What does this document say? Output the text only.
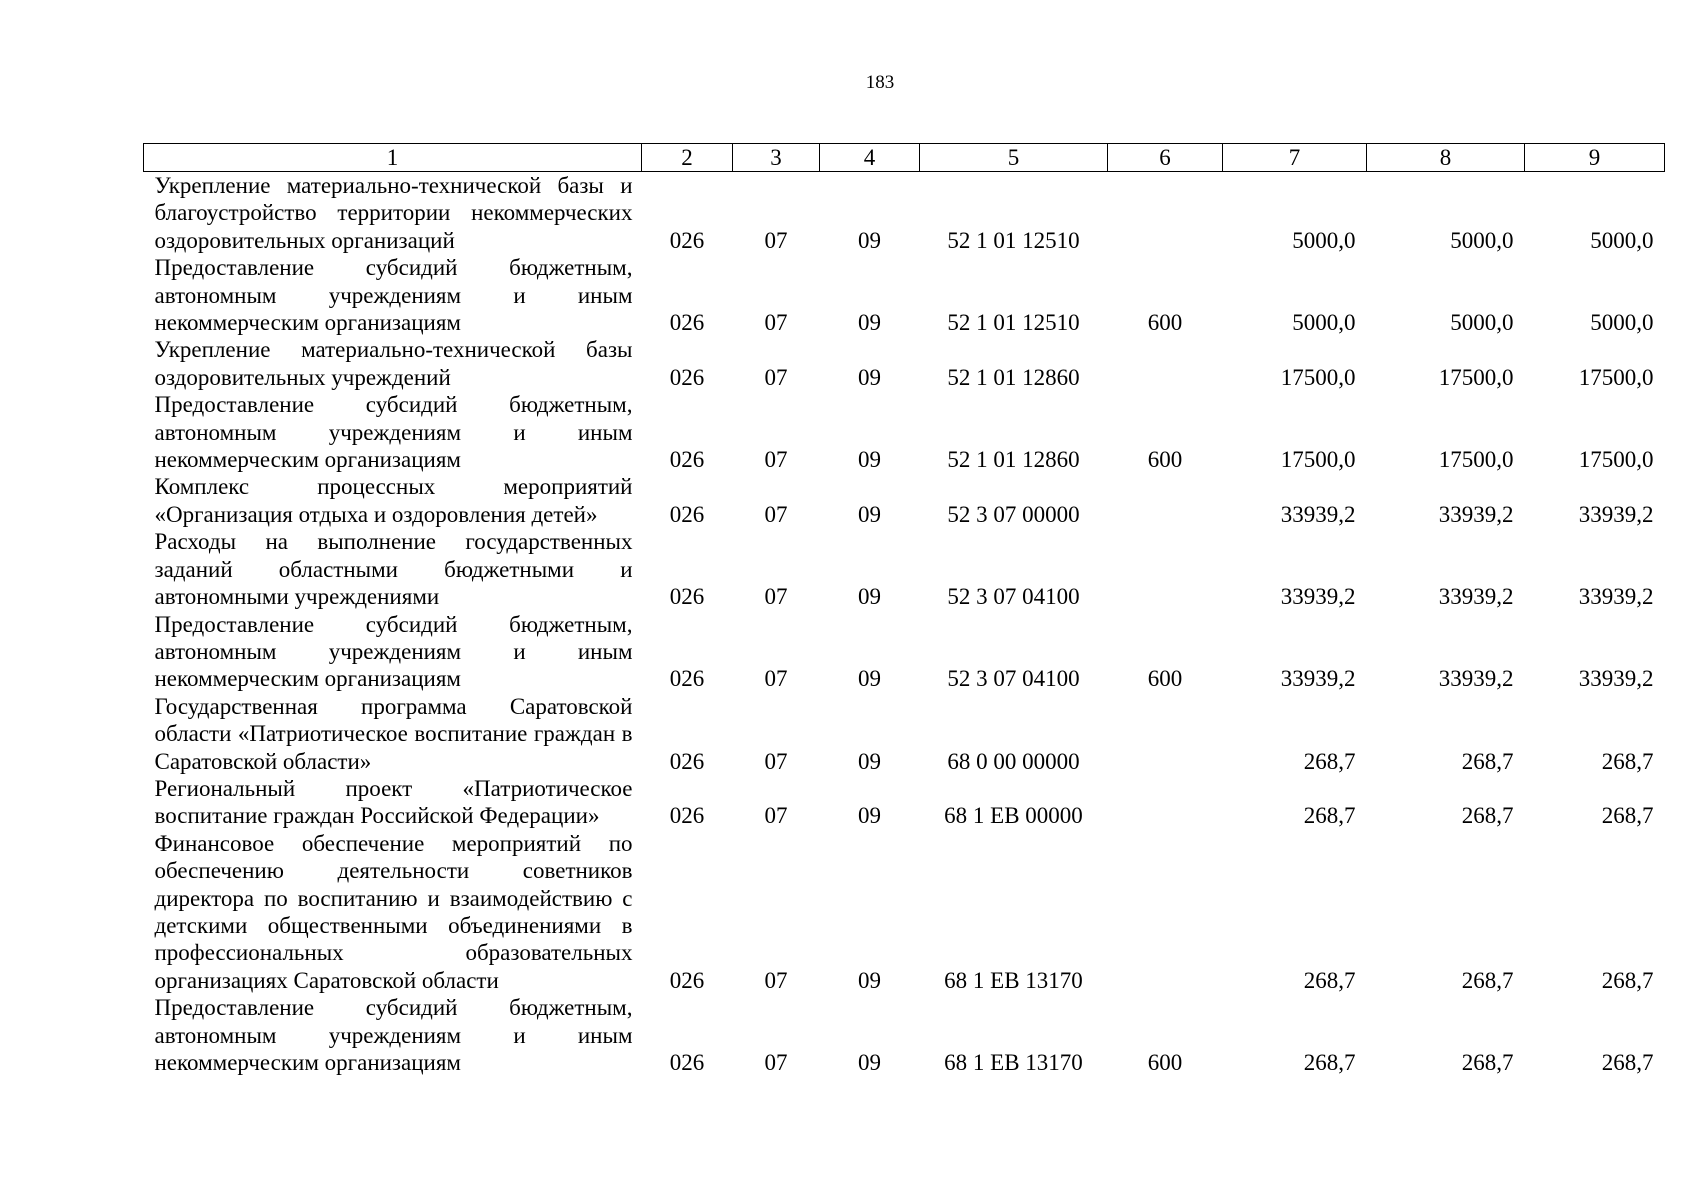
183
1	2	3	4	5	6	7	8	9
Укрепление материально-технической базы и благоустройство территории некоммерческих оздоровительных организаций	026	07	09	52 1 01 12510		5000,0	5000,0	5000,0
Предоставление субсидий бюджетным, автономным учреждениям и иным некоммерческим организациям	026	07	09	52 1 01 12510	600	5000,0	5000,0	5000,0
Укрепление материально-технической базы оздоровительных учреждений	026	07	09	52 1 01 12860		17500,0	17500,0	17500,0
Предоставление субсидий бюджетным, автономным учреждениям и иным некоммерческим организациям	026	07	09	52 1 01 12860	600	17500,0	17500,0	17500,0
Комплекс процессных мероприятий «Организация отдыха и оздоровления детей»	026	07	09	52 3 07 00000		33939,2	33939,2	33939,2
Расходы на выполнение государственных заданий областными бюджетными и автономными учреждениями	026	07	09	52 3 07 04100		33939,2	33939,2	33939,2
Предоставление субсидий бюджетным, автономным учреждениям и иным некоммерческим организациям	026	07	09	52 3 07 04100	600	33939,2	33939,2	33939,2
Государственная программа Саратовской области «Патриотическое воспитание граждан в Саратовской области»	026	07	09	68 0 00 00000		268,7	268,7	268,7
Региональный проект «Патриотическое воспитание граждан Российской Федерации»	026	07	09	68 1 ЕВ 00000		268,7	268,7	268,7
Финансовое обеспечение мероприятий по обеспечению деятельности советников директора по воспитанию и взаимодействию с детскими общественными объединениями в профессиональных образовательных организациях Саратовской области	026	07	09	68 1 ЕВ 13170		268,7	268,7	268,7
Предоставление субсидий бюджетным, автономным учреждениям и иным некоммерческим организациям	026	07	09	68 1 ЕВ 13170	600	268,7	268,7	268,7
